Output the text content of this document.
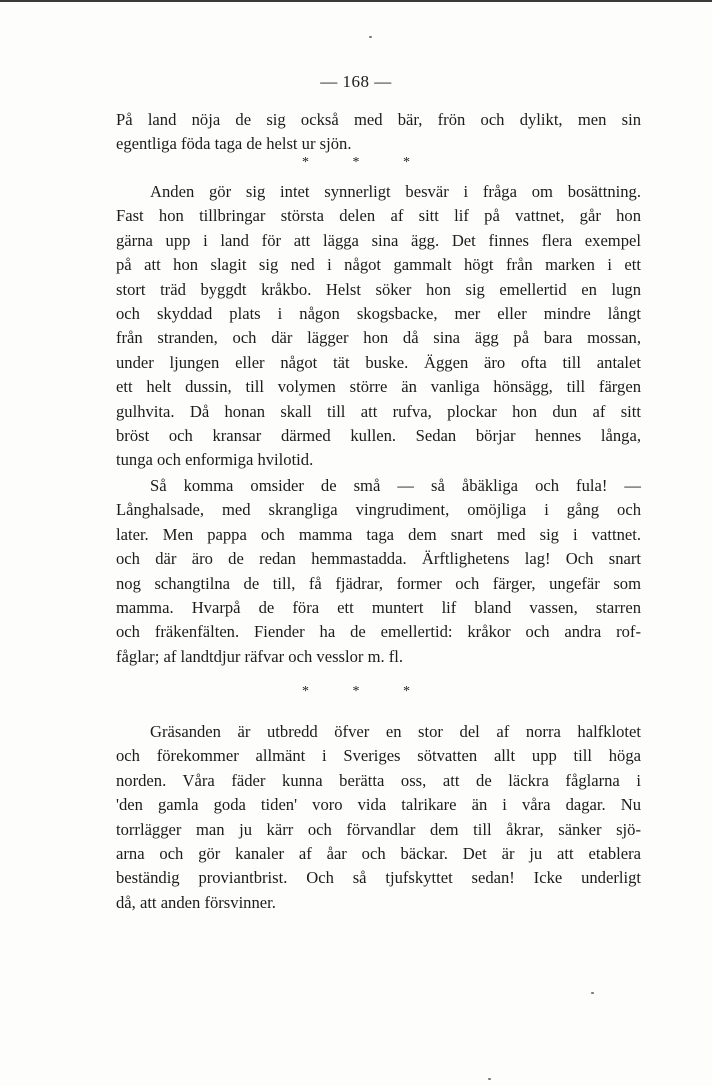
— 168 —
På land nöja de sig också med bär, frön och dylikt, men sin
egentliga föda taga de helst ur sjön.
* * *
Anden gör sig intet synnerligt besvär i fråga om bosättning.
Fast hon tillbringar största delen af sitt lif på vattnet, går hon
gärna upp i land för att lägga sina ägg. Det finnes flera exempel
på att hon slagit sig ned i något gammalt högt från marken i ett
stort träd byggdt kråkbo. Helst söker hon sig emellertid en lugn
och skyddad plats i någon skogsbacke, mer eller mindre långt
från stranden, och där lägger hon då sina ägg på bara mossan,
under ljungen eller något tät buske. Äggen äro ofta till antalet
ett helt dussin, till volymen större än vanliga hönsägg, till färgen
gulhvita. Då honan skall till att rufva, plockar hon dun af sitt
bröst och kransar därmed kullen. Sedan börjar hennes långa,
tunga och enformiga hvilotid.
Så komma omsider de små — så åbäkliga och fula! —
Långhalsade, med skrangliga vingrudiment, omöjliga i gång och
later. Men pappa och mamma taga dem snart med sig i vattnet.
och där äro de redan hemmastadda. Ärftlighetens lag! Och snart
nog schangtilna de till, få fjädrar, former och färger, ungefär som
mamma. Hvarpå de föra ett muntert lif bland vassen, starren
och fräkenfälten. Fiender ha de emellertid: kråkor och andra rof-
fåglar; af landtdjur räfvar och vesslor m. fl.
* * *
Gräsanden är utbredd öfver en stor del af norra halfklotet
och förekommer allmänt i Sveriges sötvatten allt upp till höga
norden. Våra fäder kunna berätta oss, att de läckra fåglarna i
'den gamla goda tiden' voro vida talrikare än i våra dagar. Nu
torrlägger man ju kärr och förvandlar dem till åkrar, sänker sjö-
arna och gör kanaler af åar och bäckar. Det är ju att etablera
beständig proviantbrist. Och så tjufskyttet sedan! Icke underligt
då, att anden försvinner.
